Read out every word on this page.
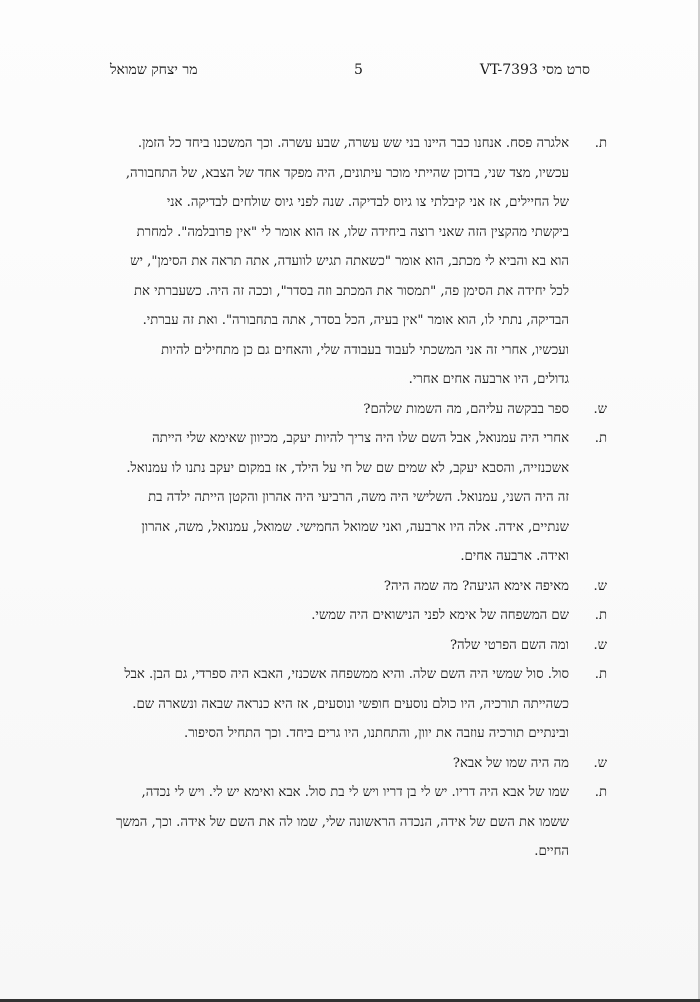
מר יצחק שמואל	5	סרט מסי VT-7393
ת.
אלגרה פסח. אנחנו כבר היינו בני שש עשרה, שבע עשרה. וכך המשכנו ביחד כל הזמן.
עכשיו, מצד שני, בדוכן שהייתי מוכר עיתונים, היה מפקד אחד של הצבא, של התחבורה,
של החיילים, אז אני קיבלתי צו גיוס לבדיקה. שנה לפני גיוס שולחים לבדיקה. אני
ביקשתי מהקצין הזה שאני רוצה ביחידה שלו, אז הוא אומר לי "אין פרובלמה". למחרת
הוא בא והביא לי מכתב, הוא אומר "כשאתה תגיש לוועדה, אתה תראה את הסימן", יש
לכל יחידה את הסימן פה, "תמסור את המכתב וזה בסדר", וככה זה היה. כשעברתי את
הבדיקה, נתתי לו, הוא אומר "אין בעיה, הכל בסדר, אתה בתחבורה". ואת זה עברתי.
ועכשיו, אחרי זה אני המשכתי לעבוד בעבודה שלי, והאחים גם כן מתחילים להיות
גדולים, היו ארבעה אחים אחרי.
ש.
ספר בבקשה עליהם, מה השמות שלהם?
ת.
אחרי היה עמנואל, אבל השם שלו היה צריך להיות יעקב, מכיוון שאימא שלי הייתה
אשכנזייה, והסבא יעקב, לא שמים שם של חי על הילד, אז במקום יעקב נתנו לו עמנואל.
זה היה השני, עמנואל. השלישי היה משה, הרביעי היה אהרון והקטן הייתה ילדה בת
שנתיים, אידה. אלה היו ארבעה, ואני שמואל החמישי. שמואל, עמנואל, משה, אהרון
ואידה. ארבעה אחים.
ש.
מאיפה אימא הגיעה? מה שמה היה?
ת.
שם המשפחה של אימא לפני הנישואים היה שמשי.
ש.
ומה השם הפרטי שלה?
ת.
סול. סול שמשי היה השם שלה. והיא ממשפחה אשכנזי, האבא היה ספרדי, גם הבן. אבל
כשהייתה תורכיה, היו כולם נוסעים חופשי ונוסעים, אז היא כנראה שבאה ונשארה שם.
ובינתיים תורכיה עוזבה את יוון, והתחתנו, היו גרים ביחד. וכך התחיל הסיפור.
ש.
מה היה שמו של אבא?
ת.
שמו של אבא היה דריו. יש לי בן דריו ויש לי בת סול. אבא ואימא יש לי. ויש לי נכדה,
ששמו את השם של אידה, הנכדה הראשונה שלי, שמו לה את השם של אידה. וכך, המשך
החיים.
